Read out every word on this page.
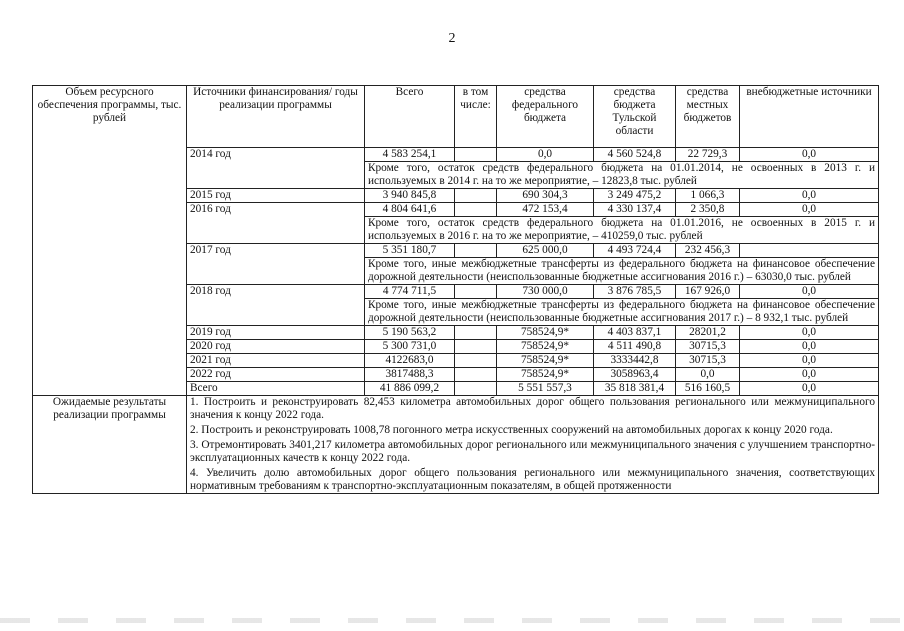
2
Объем ресурсного обеспечения программы, тыс. рублей	Источники финансирования/ годы реализации программы	Всего	в том числе:	средства федерального бюджета	средства бюджета Тульской области	средства местных бюджетов	внебюджетные источники
	2014 год	4 583 254,1		0,0	4 560 524,8	22 729,3	0,0
		Кроме того, остаток средств федерального бюджета на 01.01.2014, не освоенных в 2013 г. и используемых в 2014 г. на то же мероприятие, – 12823,8 тыс. рублей					
	2015 год	3 940 845,8		690 304,3	3 249 475,2	1 066,3	0,0
	2016 год	4 804 641,6		472 153,4	4 330 137,4	2 350,8	0,0
		Кроме того, остаток средств федерального бюджета на 01.01.2016, не освоенных в 2015 г. и используемых в 2016 г. на то же мероприятие, – 410259,0 тыс. рублей					
	2017 год	5 351 180,7		625 000,0	4 493 724,4	232 456,3	
		Кроме того, иные межбюджетные трансферты из федерального бюджета на финансовое обеспечение дорожной деятельности (неиспользованные бюджетные ассигнования 2016 г.) – 63030,0 тыс. рублей					
	2018 год	4 774 711,5		730 000,0	3 876 785,5	167 926,0	0,0
		Кроме того, иные межбюджетные трансферты из федерального бюджета на финансовое обеспечение дорожной деятельности (неиспользованные бюджетные ассигнования 2017 г.) – 8 932,1 тыс. рублей					
	2019 год	5 190 563,2		758524,9*	4 403 837,1	28201,2	0,0
	2020 год	5 300 731,0		758524,9*	4 511 490,8	30715,3	0,0
	2021 год	4122683,0		758524,9*	3333442,8	30715,3	0,0
	2022 год	3817488,3		758524,9*	3058963,4	0,0	0,0
	Всего	41 886 099,2		5 551 557,3	35 818 381,4	516 160,5	0,0
Ожидаемые результаты реализации программы	1. Построить и реконструировать 82,453 километра автомобильных дорог общего пользования регионального или межмуниципального значения к концу 2022 года.

2. Построить и реконструировать 1008,78 погонного метра искусственных сооружений на автомобильных дорогах к концу 2020 года.

3. Отремонтировать 3401,217 километра автомобильных дорог регионального или межмуниципального значения с улучшением транспортно-эксплуатационных качеств к концу 2022 года.

4. Увеличить долю автомобильных дорог общего пользования регионального или межмуниципального значения, соответствующих нормативным требованиям к транспортно-эксплуатационным показателям, в общей протяженности						
